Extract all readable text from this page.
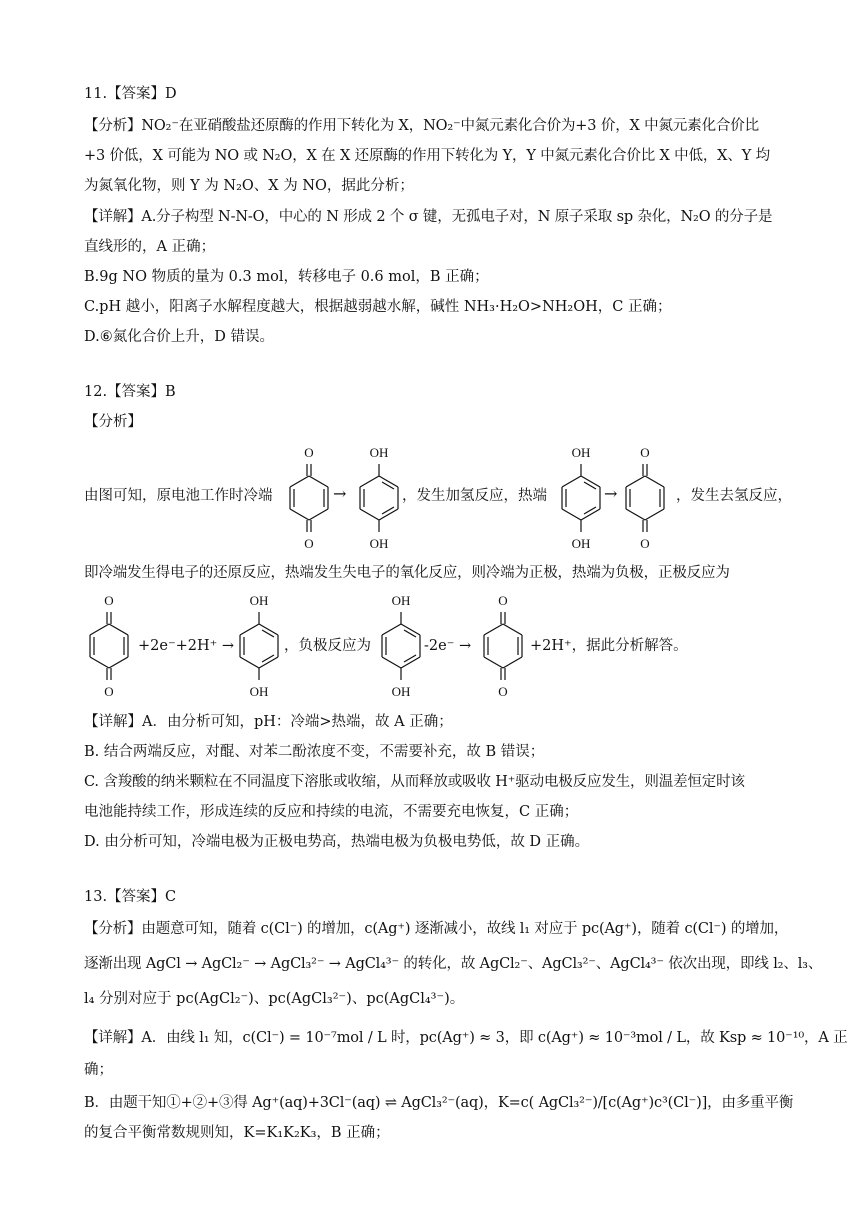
11.【答案】D
【分析】NO₂⁻在亚硝酸盐还原酶的作用下转化为 X，NO₂⁻中氮元素化合价为+3 价，X 中氮元素化合价比
+3 价低，X 可能为 NO 或 N₂O，X 在 X 还原酶的作用下转化为 Y，Y 中氮元素化合价比 X 中低，X、Y 均
为氮氧化物，则 Y 为 N₂O、X 为 NO，据此分析；
【详解】A.分子构型 N-N-O，中心的 N 形成 2 个 σ 键，无孤电子对，N 原子采取 sp 杂化，N₂O 的分子是
直线形的，A 正确；
B.9g NO 物质的量为 0.3 mol，转移电子 0.6 mol，B 正确；
C.pH 越小，阳离子水解程度越大，根据越弱越水解，碱性 NH₃·H₂O>NH₂OH，C 正确；
D.⑥氮化合价上升，D 错误。
12.【答案】B
【分析】
由图可知，原电池工作时冷端
O
O
→
OH
OH
，发生加氢反应，热端
OH
OH
→
O
O
，发生去氢反应，
即冷端发生得电子的还原反应，热端发生失电子的氧化反应，则冷端为正极，热端为负极，正极反应为
O
O
+2e⁻+2H⁺ →
OH
OH
，负极反应为
OH
OH
-2e⁻ →
O
O
+2H⁺，据此分析解答。
【详解】A．由分析可知，pH：冷端>热端，故 A 正确；
B. 结合两端反应，对醌、对苯二酚浓度不变，不需要补充，故 B 错误；
C. 含羧酸的纳米颗粒在不同温度下溶胀或收缩，从而释放或吸收 H⁺驱动电极反应发生，则温差恒定时该
电池能持续工作，形成连续的反应和持续的电流，不需要充电恢复，C 正确；
D. 由分析可知，冷端电极为正极电势高，热端电极为负极电势低，故 D 正确。
13.【答案】C
【分析】由题意可知，随着 c(Cl⁻) 的增加，c(Ag⁺) 逐渐减小，故线 l₁ 对应于 pc(Ag⁺)，随着 c(Cl⁻) 的增加，
逐渐出现 AgCl → AgCl₂⁻ → AgCl₃²⁻ → AgCl₄³⁻ 的转化，故 AgCl₂⁻、AgCl₃²⁻、AgCl₄³⁻ 依次出现，即线 l₂、l₃、
l₄ 分别对应于 pc(AgCl₂⁻)、pc(AgCl₃²⁻)、pc(AgCl₄³⁻)。
【详解】A．由线 l₁ 知，c(Cl⁻) = 10⁻⁷mol / L 时，pc(Ag⁺) ≈ 3，即 c(Ag⁺) ≈ 10⁻³mol / L，故 Ksp ≈ 10⁻¹⁰，A 正
确；
B．由题干知①+②+③得 Ag⁺(aq)+3Cl⁻(aq) ⇌ AgCl₃²⁻(aq)，K=c( AgCl₃²⁻)/[c(Ag⁺)c³(Cl⁻)]，由多重平衡
的复合平衡常数规则知，K=K₁K₂K₃，B 正确；
